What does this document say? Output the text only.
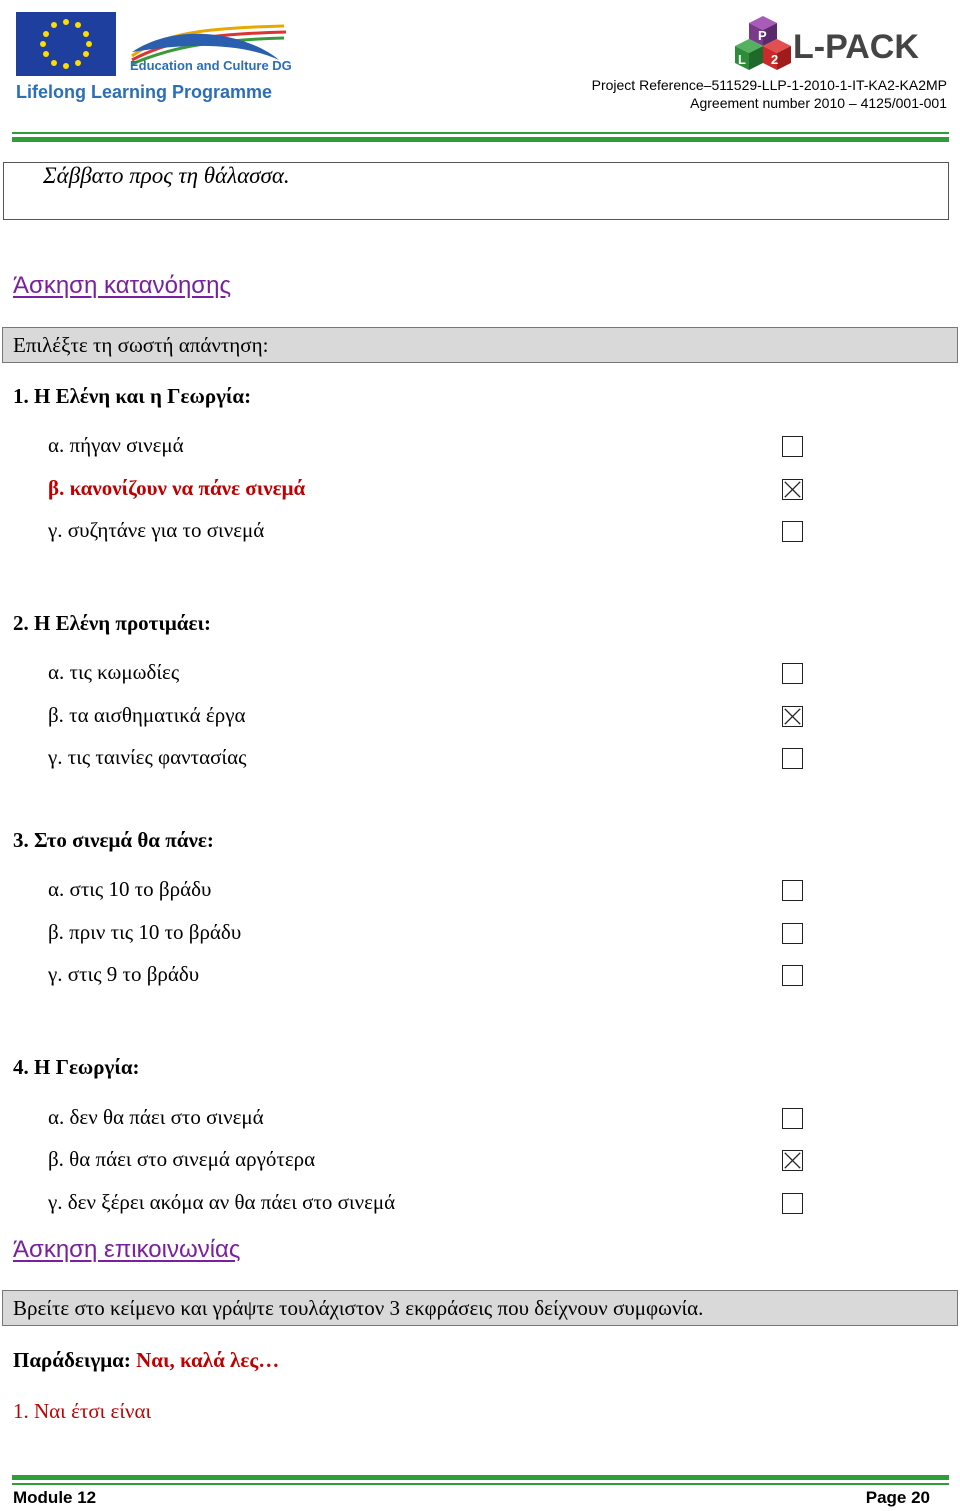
Education and Culture DG
Lifelong Learning Programme
P
L 2 L-PACK
Project Reference–511529-LLP-1-2010-1-IT-KA2-KA2MP
Agreement number 2010 – 4125/001-001
Σάββατο προς τη θάλασσα.
Άσκηση κατανόησης
Επιλέξτε τη σωστή απάντηση:
1. Η Ελένη και η Γεωργία:
α. πήγαν σινεμά
β. κανονίζουν να πάνε σινεμά
γ. συζητάνε για το σινεμά
2. Η Ελένη προτιμάει:
α. τις κωμωδίες
β. τα αισθηματικά έργα
γ. τις ταινίες φαντασίας
3. Στο σινεμά θα πάνε:
α. στις 10 το βράδυ
β. πριν τις 10 το βράδυ
γ. στις 9 το βράδυ
4. Η Γεωργία:
α. δεν θα πάει στο σινεμά
β. θα πάει στο σινεμά αργότερα
γ. δεν ξέρει ακόμα αν θα πάει στο σινεμά
Άσκηση επικοινωνίας
Βρείτε στο κείμενο και γράψτε τουλάχιστον 3 εκφράσεις που δείχνουν συμφωνία.
Παράδειγμα: Ναι, καλά λες…
1. Ναι έτσι είναι
Module 12	Page 20
